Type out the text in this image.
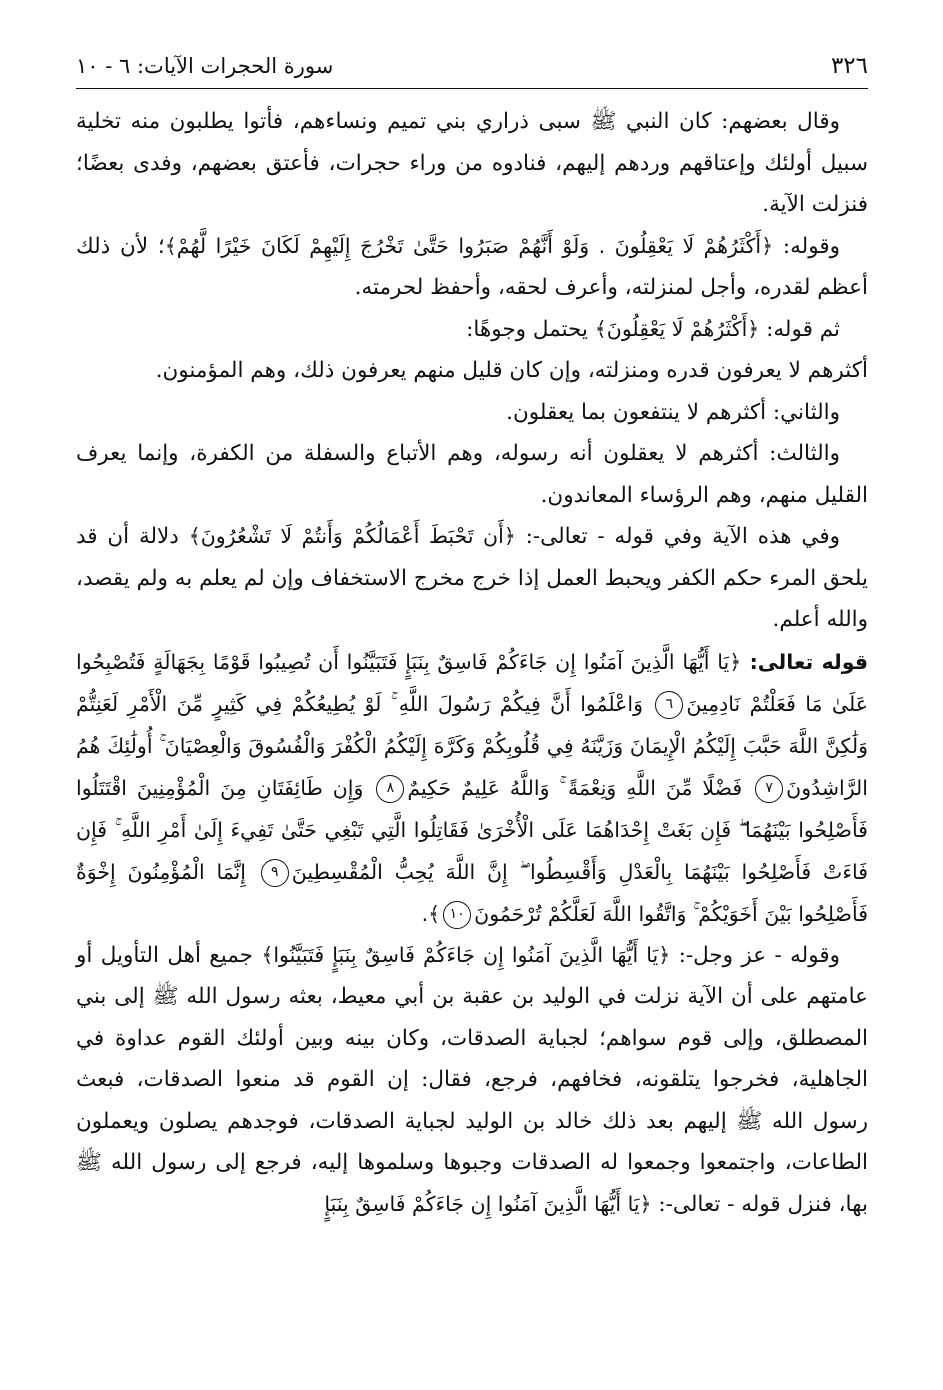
٣٢٦
سورة الحجرات الآيات: ٦ - ١٠

وقال بعضهم: كان النبي ﷺ سبى ذراري بني تميم ونساءهم، فأتوا يطلبون منه تخلية سبيل أولئك وإعتاقهم وردهم إليهم، فنادوه من وراء حجرات، فأعتق بعضهم، وفدى بعضًا؛ فنزلت الآية.

وقوله: ﴿أَكْثَرُهُمْ لَا يَعْقِلُونَ . وَلَوْ أَنَّهُمْ صَبَرُوا حَتَّىٰ تَخْرُجَ إِلَيْهِمْ لَكَانَ خَيْرًا لَّهُمْ﴾؛ لأن ذلك أعظم لقدره، وأجل لمنزلته، وأعرف لحقه، وأحفظ لحرمته.

ثم قوله: ﴿أَكْثَرُهُمْ لَا يَعْقِلُونَ﴾ يحتمل وجوهًا:

أكثرهم لا يعرفون قدره ومنزلته، وإن كان قليل منهم يعرفون ذلك، وهم المؤمنون.

والثاني: أكثرهم لا ينتفعون بما يعقلون.

والثالث: أكثرهم لا يعقلون أنه رسوله، وهم الأتباع والسفلة من الكفرة، وإنما يعرف القليل منهم، وهم الرؤساء المعاندون.

وفي هذه الآية وفي قوله - تعالى-: ﴿أَن تَحْبَطَ أَعْمَالُكُمْ وَأَنتُمْ لَا تَشْعُرُونَ﴾ دلالة أن قد يلحق المرء حكم الكفر ويحبط العمل إذا خرج مخرج الاستخفاف وإن لم يعلم به ولم يقصد، والله أعلم.

قوله تعالى: ﴿يَا أَيُّهَا الَّذِينَ آمَنُوا إِن جَاءَكُمْ فَاسِقٌ بِنَبَإٍ فَتَبَيَّنُوا أَن تُصِيبُوا قَوْمًا بِجَهَالَةٍ فَتُصْبِحُوا عَلَىٰ مَا فَعَلْتُمْ نَادِمِينَ٦ وَاعْلَمُوا أَنَّ فِيكُمْ رَسُولَ اللَّهِ ۚ لَوْ يُطِيعُكُمْ فِي كَثِيرٍ مِّنَ الْأَمْرِ لَعَنِتُّمْ وَلَٰكِنَّ اللَّهَ حَبَّبَ إِلَيْكُمُ الْإِيمَانَ وَزَيَّنَهُ فِي قُلُوبِكُمْ وَكَرَّهَ إِلَيْكُمُ الْكُفْرَ وَالْفُسُوقَ وَالْعِصْيَانَ ۚ أُولَٰئِكَ هُمُ الرَّاشِدُونَ٧ فَضْلًا مِّنَ اللَّهِ وَنِعْمَةً ۚ وَاللَّهُ عَلِيمٌ حَكِيمٌ٨ وَإِن طَائِفَتَانِ مِنَ الْمُؤْمِنِينَ اقْتَتَلُوا فَأَصْلِحُوا بَيْنَهُمَا ۖ فَإِن بَغَتْ إِحْدَاهُمَا عَلَى الْأُخْرَىٰ فَقَاتِلُوا الَّتِي تَبْغِي حَتَّىٰ تَفِيءَ إِلَىٰ أَمْرِ اللَّهِ ۚ فَإِن فَاءَتْ فَأَصْلِحُوا بَيْنَهُمَا بِالْعَدْلِ وَأَقْسِطُوا ۖ إِنَّ اللَّهَ يُحِبُّ الْمُقْسِطِينَ٩ إِنَّمَا الْمُؤْمِنُونَ إِخْوَةٌ فَأَصْلِحُوا بَيْنَ أَخَوَيْكُمْ ۚ وَاتَّقُوا اللَّهَ لَعَلَّكُمْ تُرْحَمُونَ١٠﴾.

وقوله - عز وجل-: ﴿يَا أَيُّهَا الَّذِينَ آمَنُوا إِن جَاءَكُمْ فَاسِقٌ بِنَبَإٍ فَتَبَيَّنُوا﴾ جميع أهل التأويل أو عامتهم على أن الآية نزلت في الوليد بن عقبة بن أبي معيط، بعثه رسول الله ﷺ إلى بني المصطلق، وإلى قوم سواهم؛ لجباية الصدقات، وكان بينه وبين أولئك القوم عداوة في الجاهلية، فخرجوا يتلقونه، فخافهم، فرجع، فقال: إن القوم قد منعوا الصدقات، فبعث رسول الله ﷺ إليهم بعد ذلك خالد بن الوليد لجباية الصدقات، فوجدهم يصلون ويعملون الطاعات، واجتمعوا وجمعوا له الصدقات وجبوها وسلموها إليه، فرجع إلى رسول الله ﷺ بها، فنزل قوله - تعالى-: ﴿يَا أَيُّهَا الَّذِينَ آمَنُوا إِن جَاءَكُمْ فَاسِقٌ بِنَبَإٍ
